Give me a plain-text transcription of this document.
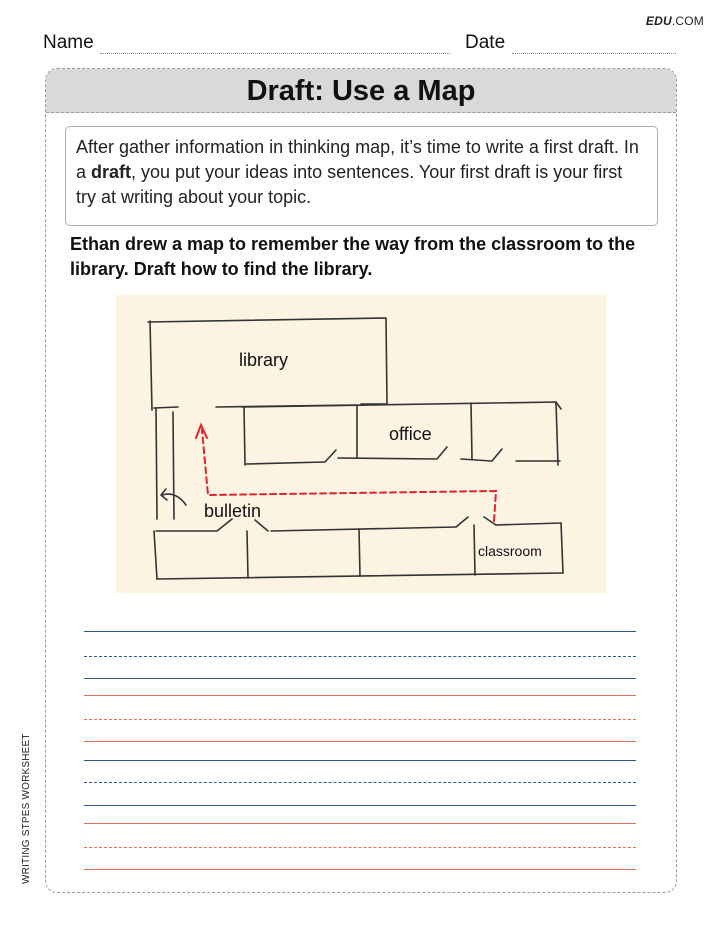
EDU.COM
Name	Date
WRITING STPES WORKSHEET
Draft: Use a Map
After gather information in thinking map, it’s time to write a first draft. In a draft, you put your ideas into sentences. Your first draft is your first try at writing about your topic.
Ethan drew a map to remember the way from the classroom to the library. Draft how to find the library.
library
office
bulletin
classroom
